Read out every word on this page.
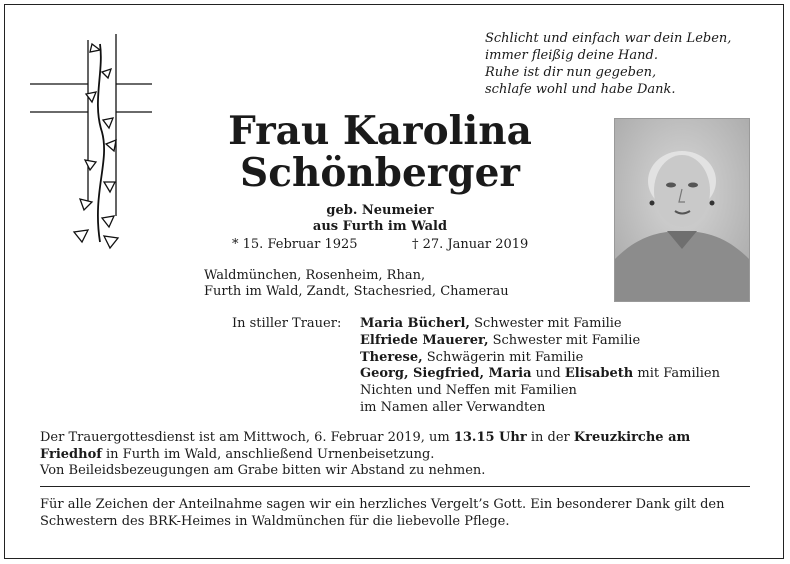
Schlicht und einfach war dein Leben,
immer fleißig deine Hand.
Ruhe ist dir nun gegeben,
schlafe wohl und habe Dank.
Frau Karolina
Schönberger
geb. Neumeier
aus Furth im Wald
* 15. Februar 1925	† 27. Januar 2019
Waldmünchen, Rosenheim, Rhan,
Furth im Wald, Zandt, Stachesried, Chamerau
In stiller Trauer: Maria Bücherl, Schwester mit Familie
Elfriede Mauerer, Schwester mit Familie
Therese, Schwägerin mit Familie
Georg, Siegfried, Maria und Elisabeth mit Familien
Nichten und Neffen mit Familien
im Namen aller Verwandten
Der Trauergottesdienst ist am Mittwoch, 6. Februar 2019, um 13.15 Uhr in der Kreuzkirche am Friedhof in Furth im Wald, anschließend Urnenbeisetzung.
Von Beileidsbezeugungen am Grabe bitten wir Abstand zu nehmen.
Für alle Zeichen der Anteilnahme sagen wir ein herzliches Vergelt’s Gott. Ein besonderer Dank gilt den Schwestern des BRK-Heimes in Waldmünchen für die liebevolle Pflege.
